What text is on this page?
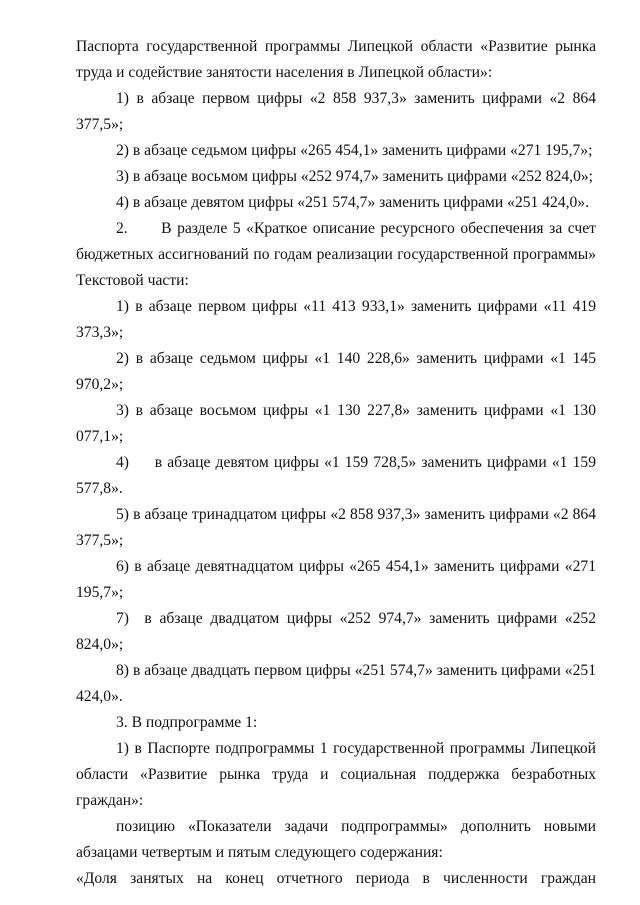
Паспорта государственной программы Липецкой области «Развитие рынка труда и содействие занятости населения в Липецкой области»:

1) в абзаце первом цифры «2 858 937,3» заменить цифрами «2 864 377,5»;

2) в абзаце седьмом цифры «265 454,1» заменить цифрами «271 195,7»;

3) в абзаце восьмом цифры «252 974,7» заменить цифрами «252 824,0»;

4) в абзаце девятом цифры «251 574,7» заменить цифрами «251 424,0».

2.      В разделе 5 «Краткое описание ресурсного обеспечения за счет бюджетных ассигнований по годам реализации государственной программы» Текстовой части:

1) в абзаце первом цифры «11 413 933,1» заменить цифрами «11 419 373,3»;

2) в абзаце седьмом цифры «1 140 228,6» заменить цифрами «1 145 970,2»;

3) в абзаце восьмом цифры «1 130 227,8» заменить цифрами «1 130 077,1»;

4)     в абзаце девятом цифры «1 159 728,5» заменить цифрами «1 159 577,8».

5) в абзаце тринадцатом цифры «2 858 937,3» заменить цифрами «2 864 377,5»;

6) в абзаце девятнадцатом цифры «265 454,1» заменить цифрами «271 195,7»;

7)  в абзаце двадцатом цифры «252 974,7» заменить цифрами «252 824,0»;

8) в абзаце двадцать первом цифры «251 574,7» заменить цифрами «251 424,0».

3. В подпрограмме 1:

1) в Паспорте подпрограммы 1 государственной программы Липецкой области «Развитие рынка труда и социальная поддержка безработных граждан»:

позицию «Показатели задачи подпрограммы» дополнить новыми абзацами четвертым и пятым следующего содержания:

«Доля занятых на конец отчетного периода в численности граждан
